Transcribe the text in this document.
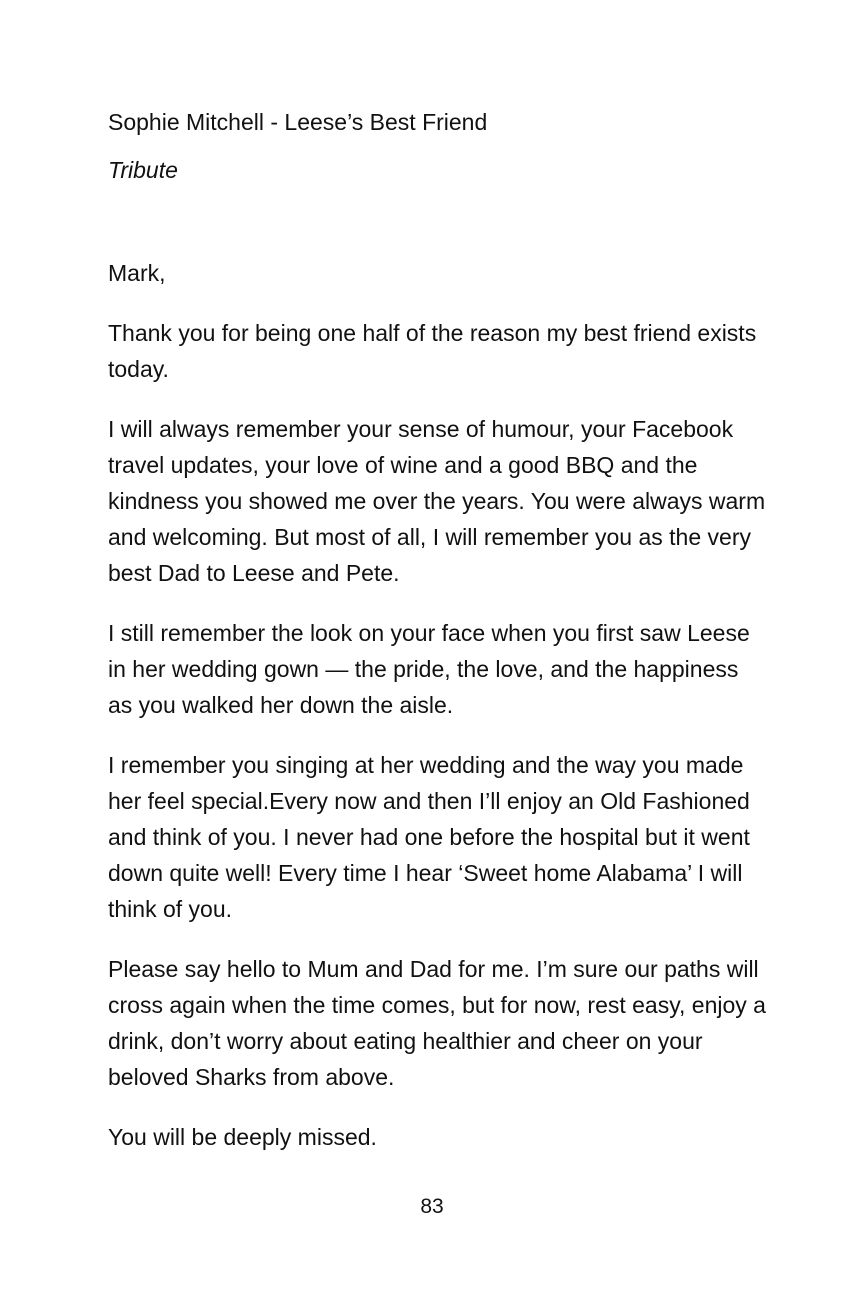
Sophie Mitchell - Leese’s Best Friend
Tribute

Mark,

Thank you for being one half of the reason my best friend exists today.

I will always remember your sense of humour, your Facebook travel updates, your love of wine and a good BBQ and the kindness you showed me over the years. You were always warm and welcoming. But most of all, I will remember you as the very best Dad to Leese and Pete.

I still remember the look on your face when you first saw Leese in her wedding gown — the pride, the love, and the happiness as you walked her down the aisle.

I remember you singing at her wedding and the way you made her feel special.Every now and then I’ll enjoy an Old Fashioned and think of you. I never had one before the hospital but it went down quite well! Every time I hear ‘Sweet home Alabama’ I will think of you.

Please say hello to Mum and Dad for me. I’m sure our paths will cross again when the time comes, but for now, rest easy, enjoy a drink, don’t worry about eating healthier and cheer on your beloved Sharks from above.

You will be deeply missed.

83
